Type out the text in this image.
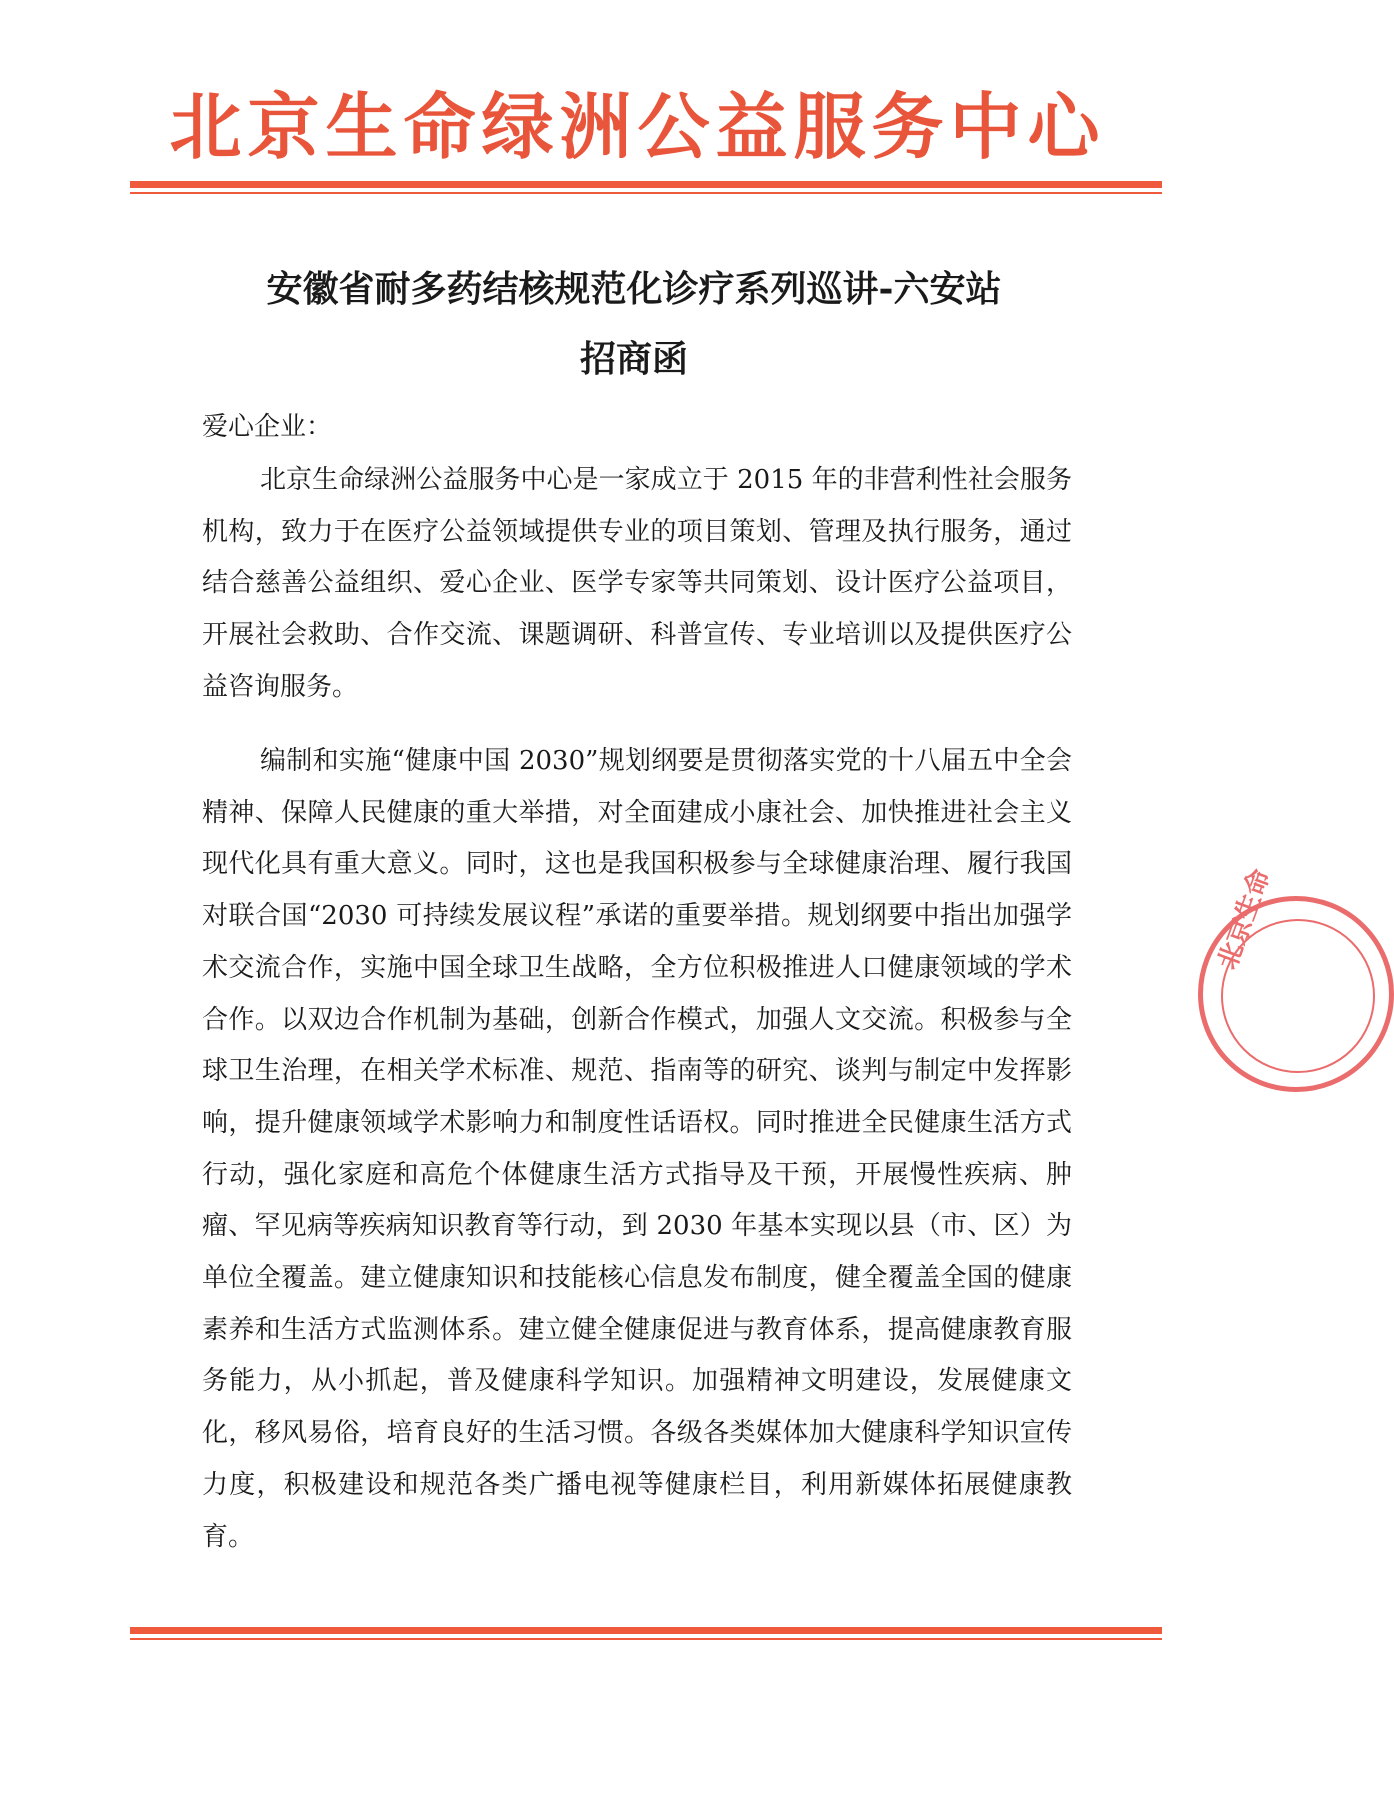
北京生命绿洲公益服务中心
安徽省耐多药结核规范化诊疗系列巡讲-六安站
招商函
爱心企业：
北京生命绿洲公益服务中心是一家成立于 2015 年的非营利性社会服务机构，致力于在医疗公益领域提供专业的项目策划、管理及执行服务，通过结合慈善公益组织、爱心企业、医学专家等共同策划、设计医疗公益项目，开展社会救助、合作交流、课题调研、科普宣传、专业培训以及提供医疗公益咨询服务。
编制和实施“健康中国 2030”规划纲要是贯彻落实党的十八届五中全会精神、保障人民健康的重大举措，对全面建成小康社会、加快推进社会主义现代化具有重大意义。同时，这也是我国积极参与全球健康治理、履行我国对联合国“2030 可持续发展议程”承诺的重要举措。规划纲要中指出加强学术交流合作，实施中国全球卫生战略，全方位积极推进人口健康领域的学术合作。以双边合作机制为基础，创新合作模式，加强人文交流。积极参与全球卫生治理，在相关学术标准、规范、指南等的研究、谈判与制定中发挥影响，提升健康领域学术影响力和制度性话语权。同时推进全民健康生活方式行动，强化家庭和高危个体健康生活方式指导及干预，开展慢性疾病、肿瘤、罕见病等疾病知识教育等行动，到 2030 年基本实现以县（市、区）为单位全覆盖。建立健康知识和技能核心信息发布制度，健全覆盖全国的健康素养和生活方式监测体系。建立健全健康促进与教育体系，提高健康教育服务能力，从小抓起，普及健康科学知识。加强精神文明建设，发展健康文化，移风易俗，培育良好的生活习惯。各级各类媒体加大健康科学知识宣传力度，积极建设和规范各类广播电视等健康栏目，利用新媒体拓展健康教育。
北京生命
